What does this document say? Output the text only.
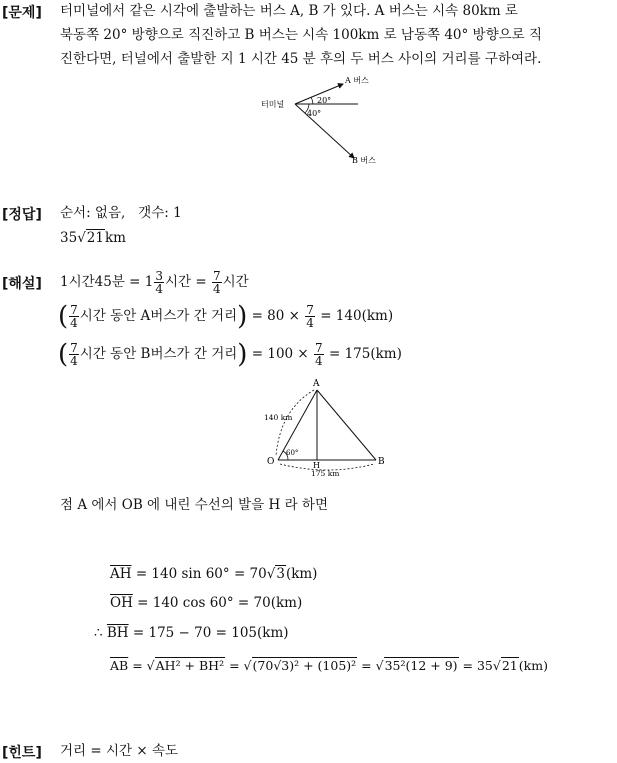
[문제] 터미널에서 같은 시각에 출발하는 버스 A, B 가 있다. A 버스는 시속 80km 로
북동쪽 20° 방향으로 직진하고 B 버스는 시속 100km 로 남동쪽 40° 방향으로 직
진한다면, 터널에서 출발한 지 1 시간 45 분 후의 두 버스 사이의 거리를 구하여라.
터미널
A 버스
B 버스
20°
40°
[정답] 순서: 없음, 갯수: 1
35√21km
[해설] 1시간45분 = $1 \frac{3}{4}$ 시간 = $\frac{7}{4}$ 시간
( $\frac{7}{4}$ 시간 동안 A버스가 간 거리) = $80 \times \frac{7}{4} = 140(km)$
( $\frac{7}{4}$ 시간 동안 B버스가 간 거리) = $100 \times \frac{7}{4} = 175(km)$
A
O	H	B
140 km
175 km
60°
점 A 에서 OB 에 내린 수선의 발을 H 라 하면
$\overline{AH} = 140$ sin 60° = 70√3(km)
$\overline{OH} = 140$ cos 60° = 70(km)
∴ $\overline{BH} = 175 - 70 = 105(km)$
$\overline{AB} = √AH^2 + BH^2 = √(70√3)^2 + (105)^2 = √35^2(12 + 9) = 35√21(km)$
[힌트] 거리 = 시간 × 속도
